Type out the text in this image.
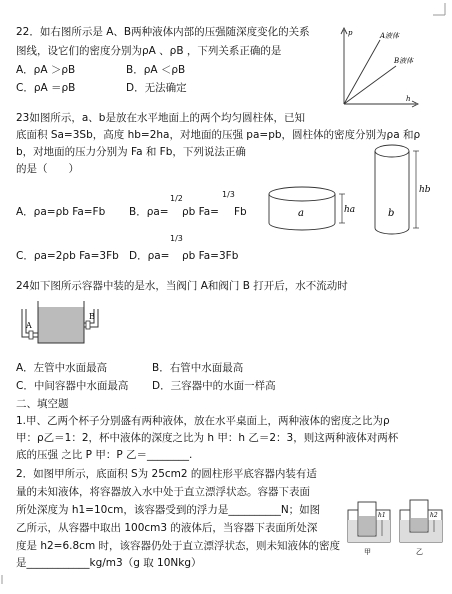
22．如右图所示是 A、B两种液体内部的压强随深度变化的关系
图线，设它们的密度分别为ρA 、ρB ，下列关系正确的是
A．ρA ＞ρB	B．ρA ＜ρB
C．ρA ＝ρB	D．无法确定
p
h
A液体
B液体
23如图所示，a、b是放在水平地面上的两个均匀圆柱体，已知
底面积 Sa=3Sb，高度 hb=2ha，对地面的压强 pa=pb，圆柱体的密度分别为ρa 和ρ
b，对地面的压力分别为 Fa 和 Fb，下列说法正确
的是（　　）
A．ρa=ρb Fa=Fb B．ρa=
1/2
ρb Fa=
1/3
Fb
C．ρa=2ρb Fa=3Fb D．ρa=
1/3
ρb Fa=3Fb
a	ha	b
hb
24如下图所示容器中装的是水，当阀门 A和阀门 B 打开后，水不流动时
A
B
A．左管中水面最高	B．右管中水面最高
C．中间容器中水面最高 D．三容器中的水面一样高
二、填空题
1.甲、乙两个杯子分别盛有两种液体，放在水平桌面上，两种液体的密度之比为ρ
甲：ρ乙＝1：2，杯中液体的深度之比为 h 甲：h 乙＝2：3，则这两种液体对两杯
底的压强 之比 P 甲：P 乙＝________.
2．如图甲所示，底面积 S为 25cm2 的圆柱形平底容器内装有适
量的未知液体，将容器放入水中处于直立漂浮状态。容器下表面
所处深度为 h1=10cm，该容器受到的浮力是__________N；如图
乙所示，从容器中取出 100cm3 的液体后，当容器下表面所处深
度是 h2=6.8cm 时，该容器仍处于直立漂浮状态，则未知液体的密度
是____________kg/m3（g 取 10Nkg）
h1	h2
甲	乙
